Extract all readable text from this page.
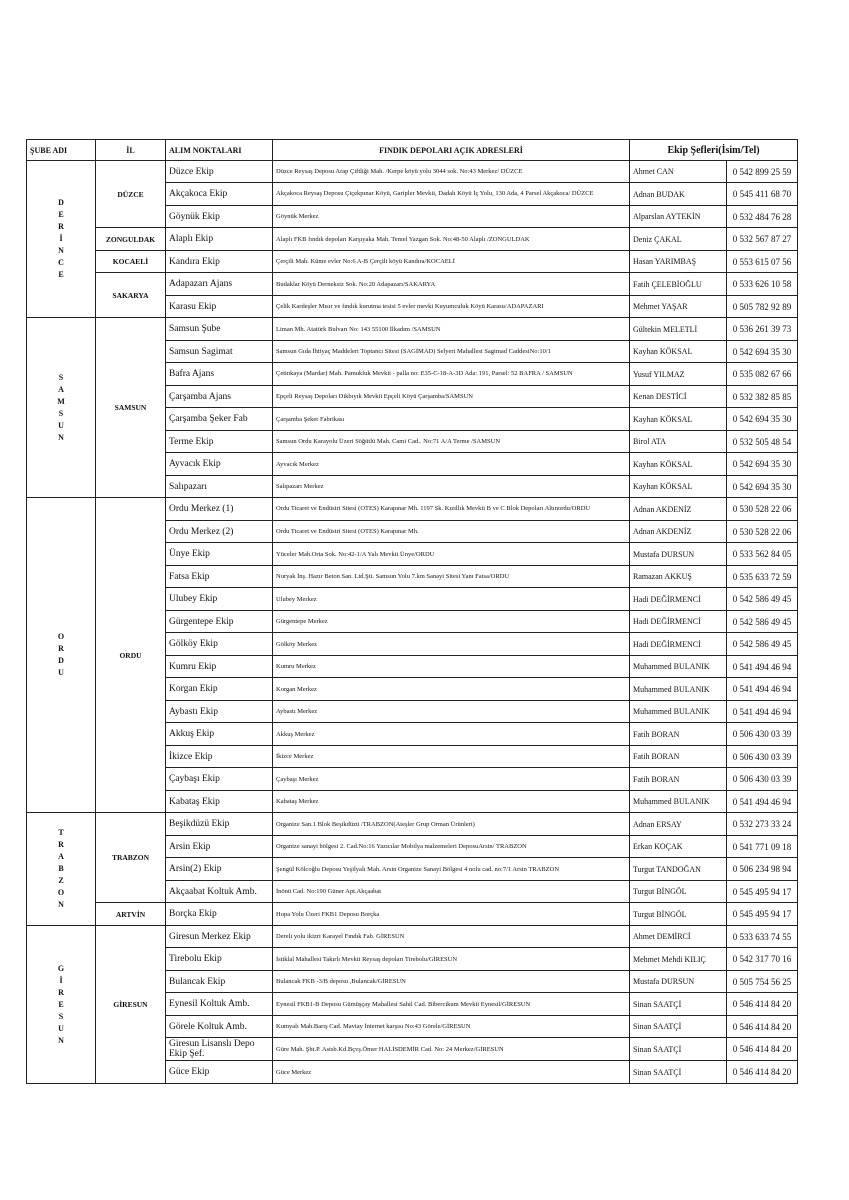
ŞUBE ADI	İL	ALIM NOKTALARI	FINDIK DEPOLARI AÇIK ADRESLERİ	Ekip Şefleri(İsim/Tel)	
DERİNCE	DÜZCE	Düzce Ekip	Düzce Reysaş Deposu Arap Çiftliği Mah. /Kerpe köyü yolu 3044 sok. No:43 Merkez/ DÜZCE	Ahmet CAN	0 542 899 25 59
		Akçakoca Ekip	Akçakoca Reysaş Deposu Çiçekpınar Köyü, Garipler Mevkii, Dadalı Köyü İç Yolu, 130 Ada, 4 Parsel Akçakoca/ DÜZCE	Adnan BUDAK	0 545 411 68 70
		Göynük Ekip	Göynük Merkez	Alparslan AYTEKİN	0 532 484 76 28
	ZONGULDAK	Alaplı Ekip	Alaplı FKB fındık depoları Karşıyaka Mah. Temel Yazgan Sok. No:48-50 Alaplı /ZONGULDAK	Deniz ÇAKAL	0 532 567 87 27
	KOCAELİ	Kandıra Ekip	Çerçili Mah. Küme evler No:6 A-B Çerçili köyü Kandıra/KOCAELİ	Hasan YARIMBAŞ	0 553 615 07 56
	SAKARYA	Adapazarı Ajans	Budaklar Köyü Derneksiz Sok. No:20 Adapazarı/SAKARYA	Fatih ÇELEBİOĞLU	0 533 626 10 58
		Karasu Ekip	Çelik Kardeşler Mısır ve fındık kurutma tesisi 5 evler mevki Kuyumculuk Köyü Karasu/ADAPAZARI	Mehmet YAŞAR	0 505 782 92 89
SAMSUN	SAMSUN	Samsun Şube	Liman Mh. Atatürk Bulvarı No: 143 55100 İlkadım /SAMSUN	Gültekin MELETLİ	0 536 261 39 73
		Samsun Sagimat	Samsun Gıda İhtiyaç Maddeleri Toptancı Sitesi (SAGİMAD) Selyeri Mahallesi Sagimad CaddesiNo:10/1	Kayhan KÖKSAL	0 542 694 35 30
		Bafra Ajans	Çetinkaya (Mardar) Mah. Pamukluk Mevkii - palla no: E35-C-18-A-3D Ada: 191, Parsel: 52 BAFRA / SAMSUN	Yusuf YILMAZ	0 535 082 67 66
		Çarşamba Ajans	Epçeli Reysaş Depoları Dikbıyık Mevkii Epçeli Köyü Çarşamba/SAMSUN	Kenan DESTİCİ	0 532 382 85 85
		Çarşamba Şeker Fab	Çarşamba Şeker Fabrikası	Kayhan KÖKSAL	0 542 694 35 30
		Terme Ekip	Samsun Ordu Karayolu Üzeri Söğütlü Mah. Cami Cad.. No:71 A/A Terme /SAMSUN	Birol ATA	0 532 505 48 54
		Ayvacık Ekip	Ayvacık Merkez	Kayhan KÖKSAL	0 542 694 35 30
		Salıpazarı	Salıpazarı Merkez	Kayhan KÖKSAL	0 542 694 35 30
ORDU	ORDU	Ordu Merkez (1)	Ordu Ticaret ve Endüstri Sitesi (OTES) Karapınar Mh. 1197 Sk. Kızıllık Mevkii B ve C Blok Depoları Altınordu/ORDU	Adnan AKDENİZ	0 530 528 22 06
		Ordu Merkez (2)	Ordu Ticaret ve Endüstri Sitesi (OTES) Karapınar Mh.	Adnan AKDENİZ	0 530 528 22 06
		Ünye Ekip	Yüceler Mah.Orta Sok. No:42-1/A Yalı Mevkii Ünye/ORDU	Mustafa DURSUN	0 533 562 84 05
		Fatsa Ekip	Nuryak İnş. Hazır Beton San. Ltd.Şti. Samsun Yolu 7.km Sanayi Sitesi Yanı Fatsa/ORDU	Ramazan AKKUŞ	0 535 633 72 59
		Ulubey Ekip	Ulubey Merkez	Hadi DEĞİRMENCİ	0 542 586 49 45
		Gürgentepe Ekip	Gürgentepe Merkez	Hadi DEĞİRMENCİ	0 542 586 49 45
		Gölköy Ekip	Gölköy Merkez	Hadi DEĞİRMENCİ	0 542 586 49 45
		Kumru Ekip	Kumru Merkez	Muhammed BULANIK	0 541 494 46 94
		Korgan Ekip	Korgan Merkez	Muhammed BULANIK	0 541 494 46 94
		Aybastı Ekip	Aybastı Merkez	Muhammed BULANIK	0 541 494 46 94
		Akkuş Ekip	Akkuş Merkez	Fatih BORAN	0 506 430 03 39
		İkizce Ekip	İkizce Merkez	Fatih BORAN	0 506 430 03 39
		Çaybaşı Ekip	Çaybaşı Merkez	Fatih BORAN	0 506 430 03 39
		Kabataş Ekip	Kabataş Merkez	Muhammed BULANIK	0 541 494 46 94
TRABZON	TRABZON	Beşikdüzü Ekip	Organize San.1 Blok Beşikdüzü /TRABZON(Ateşler Grup Orman Ürünleri)	Adnan ERSAY	0 532 273 33 24
		Arsin Ekip	Organize sanayi bölgesi 2. Cad.No:16 Yazıcılar Mobilya malzemeleri DeposuArsin/ TRABZON	Erkan KOÇAK	0 541 771 09 18
		Arsin(2) Ekip	Şengül Kölcoğlu Deposu Yeşilyalı Mah. Arsin Organize Sanayi Bölgesi 4 nolu cad. no:7/1 Arsin TRABZON	Turgut TANDOĞAN	0 506 234 98 94
		Akçaabat Koltuk Amb.	İnönü Cad. No:190 Güner Apt.Akçaabat	Turgut BİNGÖL	0 545 495 94 17
	ARTVİN	Borçka Ekip	Hopa Yolu Üzeri FKB1 Deposu Borçka	Turgut BİNGÖL	0 545 495 94 17
GİRESUN	GİRESUN	Giresun Merkez Ekip	Dereli yolu ikizri Karayel Fındık Fab. GİRESUN	Ahmet DEMİRCİ	0 533 633 74 55
		Tirebolu Ekip	İstiklal Mahallesi Takırlı Mevkii Reysaş depoları Tirebolu/GİRESUN	Mehmet Mehdi KILIÇ	0 542 317 70 16
		Bulancak Ekip	Bulancak FKB -3/B deposu ,Bulancak/GİRESUN	Mustafa DURSUN	0 505 754 56 25
		Eynesil Koltuk Amb.	Eynesil FKB1-B Deposu Gümüşçay Mahallesi Sahil Cad. Bibercikum Mevkii Eynesil/GİRESUN	Sinan SAATÇİ	0 546 414 84 20
		Görele Koltuk Amb.	Kumyalı Mah.Barış Cad. Maviay İnternet karşısı No:43 Görele/GİRESUN	Sinan SAATÇİ	0 546 414 84 20
		Giresun Lisanslı Depo Ekip Şef.	Güre Mah. Şht.P. Astsb.Kd.Bçvş.Ömer HALİSDEMİR Cad. No: 24 Merkez/GİRESUN	Sinan SAATÇİ	0 546 414 84 20
		Güce Ekip	Güce Merkez	Sinan SAATÇİ	0 546 414 84 20
